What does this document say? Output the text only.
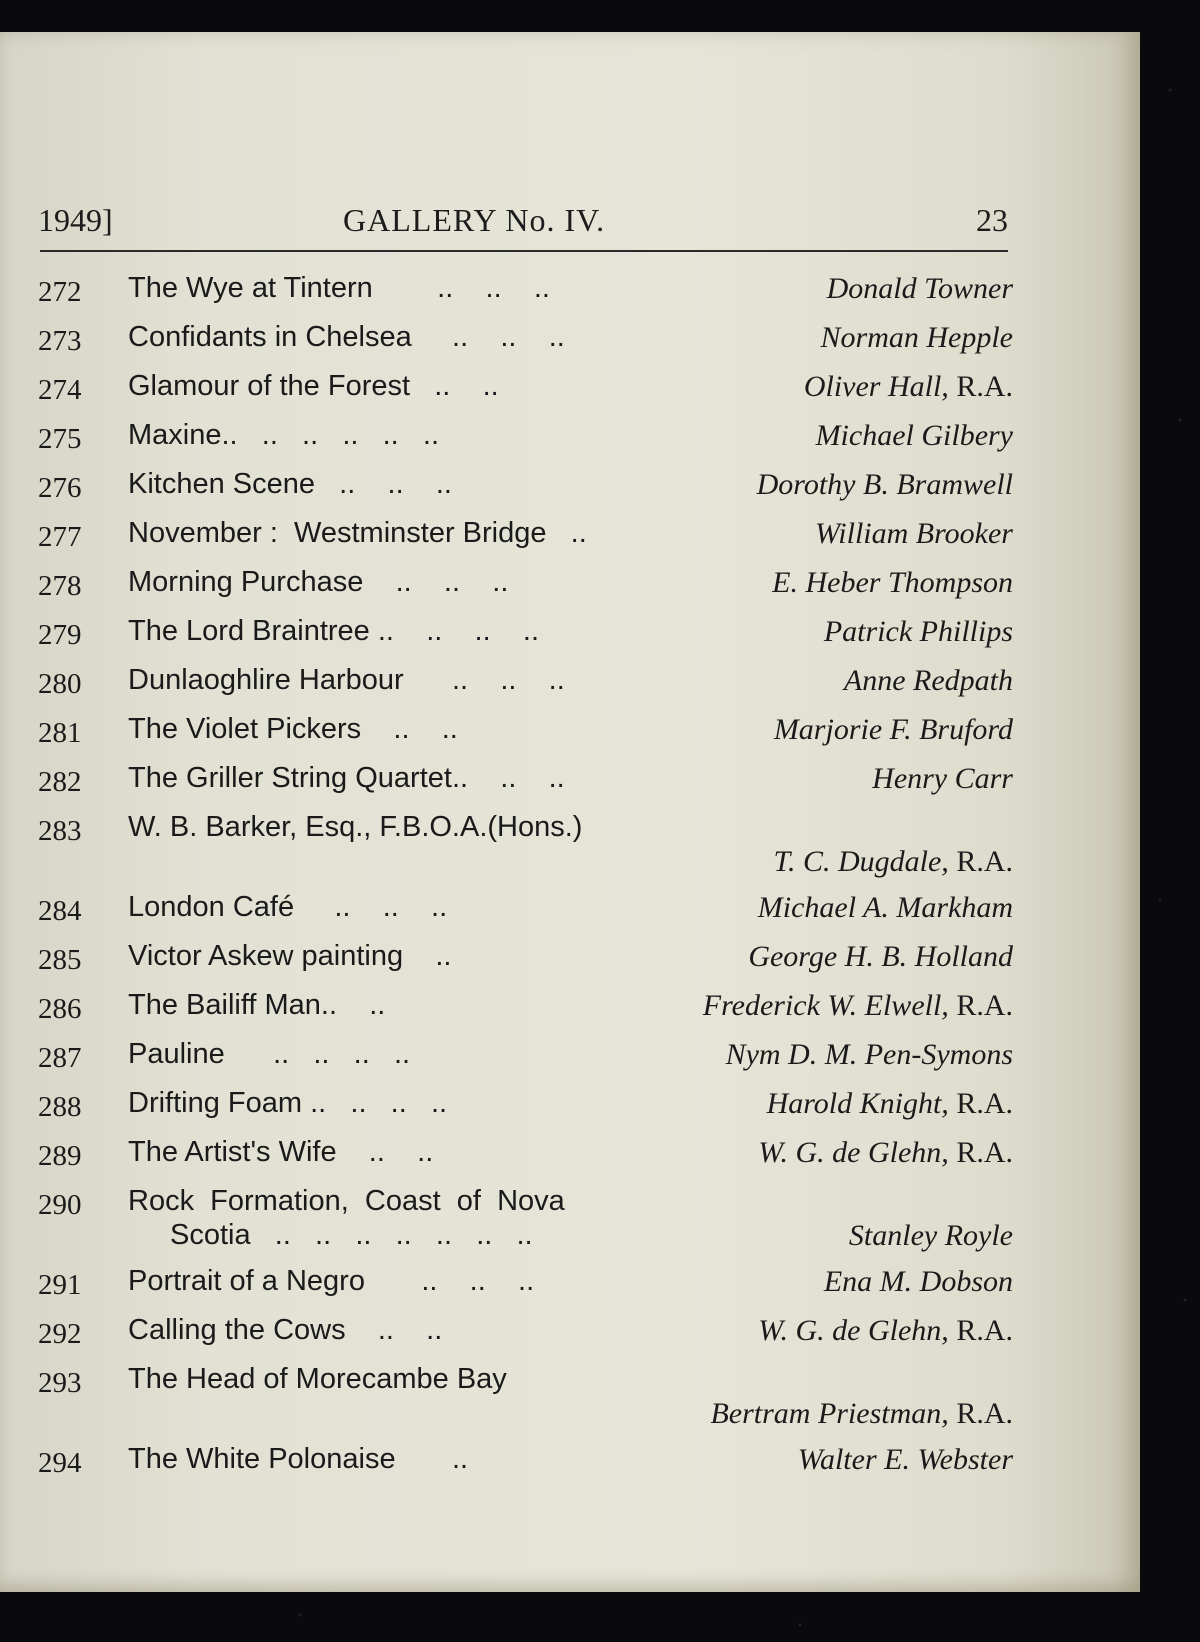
1949]	GALLERY No. IV.	23
272 The Wye at Tintern        ..    ..    ..	Donald Towner
273 Confidants in Chelsea     ..    ..    ..	Norman Hepple
274 Glamour of the Forest   ..    ..	Oliver Hall, R.A.
275 Maxine..   ..   ..   ..   ..   ..	Michael Gilbery
276 Kitchen Scene   ..    ..    ..	Dorothy B. Bramwell
277 November :  Westminster Bridge   ..	William Brooker
278 Morning Purchase    ..    ..    ..	E. Heber Thompson
279 The Lord Braintree ..    ..    ..    ..	Patrick Phillips
280 Dunlaoghlire Harbour      ..    ..    ..	Anne Redpath
281 The Violet Pickers    ..    ..	Marjorie F. Bruford
282 The Griller String Quartet..    ..    ..	Henry Carr
283 W. B. Barker, Esq., F.B.O.A.(Hons.)
T. C. Dugdale, R.A.
284 London Café     ..    ..    ..	Michael A. Markham
285 Victor Askew painting    ..	George H. B. Holland
286 The Bailiff Man..    ..	Frederick W. Elwell, R.A.
287 Pauline      ..   ..   ..   ..	Nym D. M. Pen-Symons
288 Drifting Foam ..   ..   ..   ..	Harold Knight, R.A.
289 The Artist's Wife    ..    ..	W. G. de Glehn, R.A.
290 Rock  Formation,  Coast  of  Nova
Scotia   ..   ..   ..   ..   ..   ..   ..	Stanley Royle
291 Portrait of a Negro       ..    ..    ..	Ena M. Dobson
292 Calling the Cows    ..    ..	W. G. de Glehn, R.A.
293 The Head of Morecambe Bay
Bertram Priestman, R.A.
294 The White Polonaise       ..	Walter E. Webster
